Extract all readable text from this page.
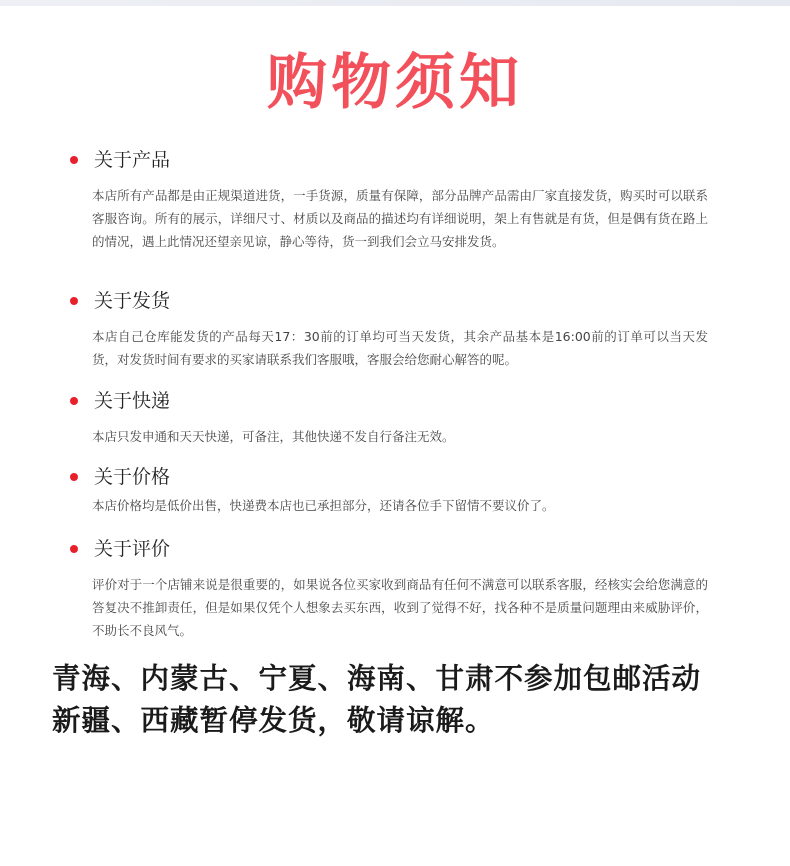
购物须知
关于产品
本店所有产品都是由正规渠道进货，一手货源，质量有保障，部分品牌产品需由厂家直接发货，购买时可以联系客服咨询。所有的展示，详细尺寸、材质以及商品的描述均有详细说明，架上有售就是有货，但是偶有货在路上的情况，遇上此情况还望亲见谅，静心等待，货一到我们会立马安排发货。
关于发货
本店自己仓库能发货的产品每天17：30前的订单均可当天发货，其余产品基本是16:00前的订单可以当天发货，对发货时间有要求的买家请联系我们客服哦，客服会给您耐心解答的呢。
关于快递
本店只发申通和天天快递，可备注，其他快递不发自行备注无效。
关于价格
本店价格均是低价出售，快递费本店也已承担部分，还请各位手下留情不要议价了。
关于评价
评价对于一个店铺来说是很重要的，如果说各位买家收到商品有任何不满意可以联系客服，经核实会给您满意的答复决不推卸责任，但是如果仅凭个人想象去买东西，收到了觉得不好，找各种不是质量问题理由来威胁评价，不助长不良风气。
青海、内蒙古、宁夏、海南、甘肃不参加包邮活动
新疆、西藏暂停发货，敬请谅解。
